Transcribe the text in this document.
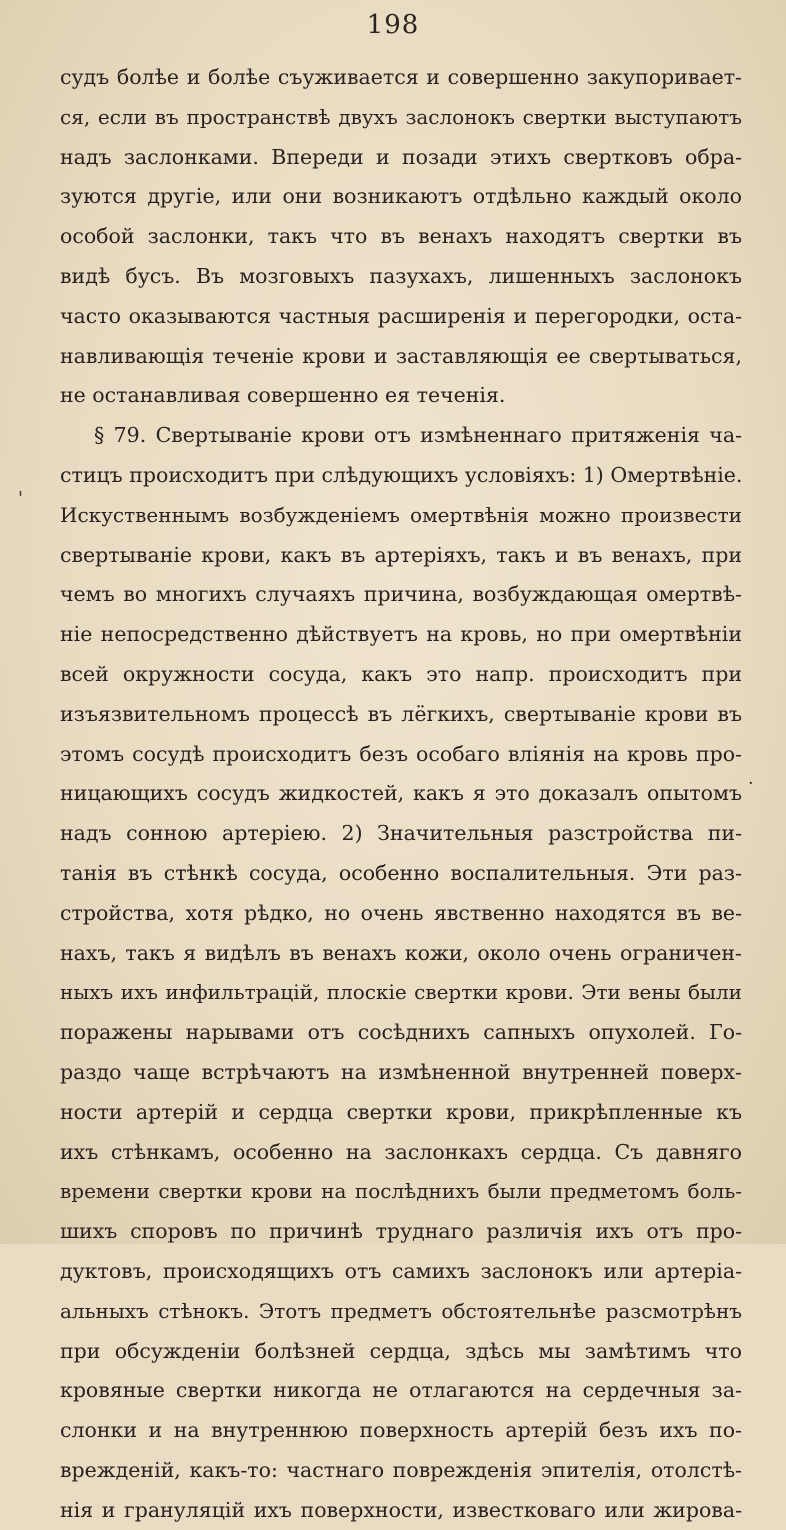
198
'
·
судъ болѣе и болѣе съуживается и совершенно закупоривает-
ся, если въ пространствѣ двухъ заслонокъ свертки выступаютъ
надъ заслонками. Впереди и позади этихъ свертковъ обра-
зуются другіе, или они возникаютъ отдѣльно каждый около
особой заслонки, такъ что въ венахъ находятъ свертки въ
видѣ бусъ. Въ мозговыхъ пазухахъ, лишенныхъ заслонокъ
часто оказываются частныя расширенія и перегородки, оста-
навливающія теченіе крови и заставляющія ее свертываться,
не останавливая совершенно ея теченія.
§ 79. Свертываніе крови отъ измѣненнаго притяженія ча-
стицъ происходитъ при слѣдующихъ условіяхъ: 1) Омертвѣніе.
Искуственнымъ возбужденіемъ омертвѣнія можно произвести
свертываніе крови, какъ въ артеріяхъ, такъ и въ венахъ, при
чемъ во многихъ случаяхъ причина, возбуждающая омертвѣ-
ніе непосредственно дѣйствуетъ на кровь, но при омертвѣніи
всей окружности сосуда, какъ это напр. происходитъ при
изъязвительномъ процессѣ въ лёгкихъ, свертываніе крови въ
этомъ сосудѣ происходитъ безъ особаго вліянія на кровь про-
ницающихъ сосудъ жидкостей, какъ я это доказалъ опытомъ
надъ сонною артеріею. 2) Значительныя разстройства пи-
танія въ стѣнкѣ сосуда, особенно воспалительныя. Эти раз-
стройства, хотя рѣдко, но очень явственно находятся въ ве-
нахъ, такъ я видѣлъ въ венахъ кожи, около очень ограничен-
ныхъ ихъ инфильтрацій, плоскіе свертки крови. Эти вены были
поражены нарывами отъ сосѣднихъ сапныхъ опухолей. Го-
раздо чаще встрѣчаютъ на измѣненной внутренней поверх-
ности артерій и сердца свертки крови, прикрѣпленные къ
ихъ стѣнкамъ, особенно на заслонкахъ сердца. Съ давняго
времени свертки крови на послѣднихъ были предметомъ боль-
шихъ споровъ по причинѣ труднаго различія ихъ отъ про-
дуктовъ, происходящихъ отъ самихъ заслонокъ или артеріа-
альныхъ стѣнокъ. Этотъ предметъ обстоятельнѣе разсмотрѣнъ
при обсужденіи болѣзней сердца, здѣсь мы замѣтимъ что
кровяные свертки никогда не отлагаются на сердечныя за-
слонки и на внутреннюю поверхность артерій безъ ихъ по-
врежденій, какъ-то: частнаго поврежденія эпителія, отолстѣ-
нія и грануляцій ихъ поверхности, известковаго или жирова-
